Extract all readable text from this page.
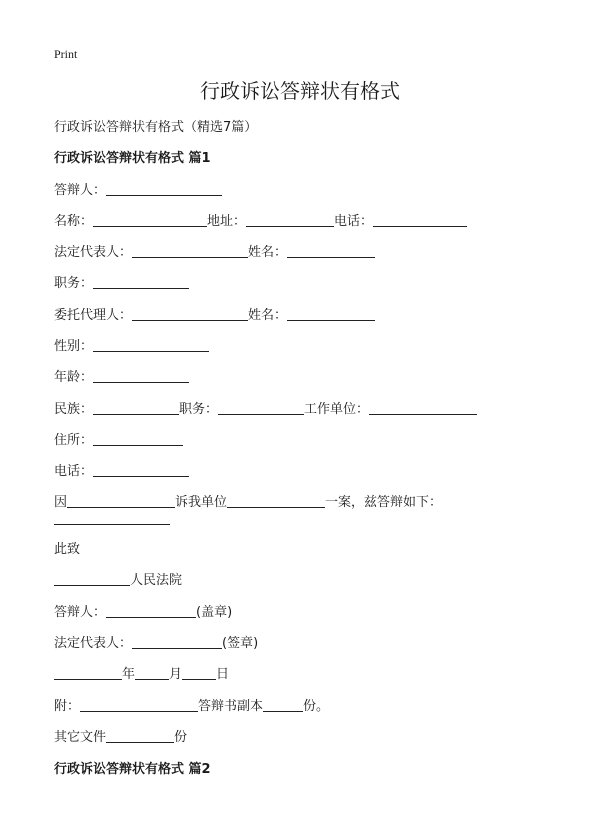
Print
行政诉讼答辩状有格式
行政诉讼答辩状有格式（精选7篇）
行政诉讼答辩状有格式 篇1
答辩人：
名称：	地址：	电话：
法定代表人：	姓名：
职务：
委托代理人：	姓名：
性别：
年龄：
民族：	职务：	工作单位：
住所：
电话：
因	诉我单位	一案，兹答辩如下：
此致
人民法院
答辩人：	(盖章)
法定代表人：	(签章)
年	月	日
附：	答辩书副本	份。
其它文件	份
行政诉讼答辩状有格式 篇2
